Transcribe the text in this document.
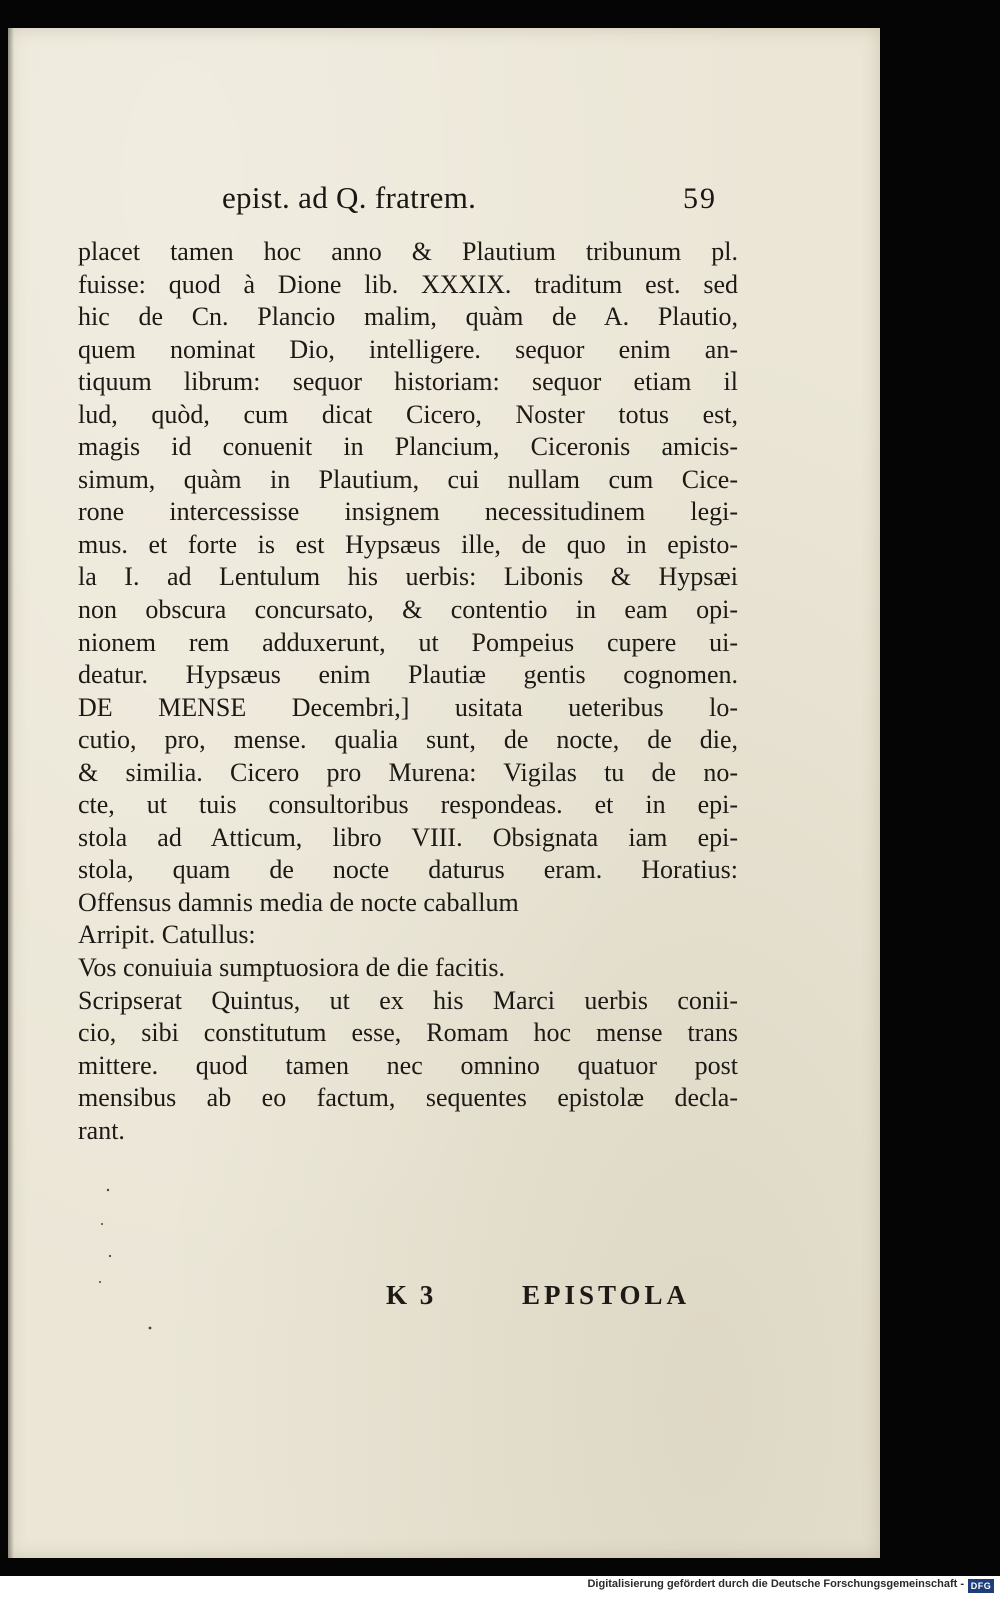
epist. ad Q. fratrem.	59
placet tamen hoc anno & Plautium tribunum pl.
fuisse: quod à Dione lib. XXXIX. traditum est. sed
hic de Cn. Plancio malim, quàm de A. Plautio,
quem nominat Dio, intelligere. sequor enim an-
tiquum librum: sequor historiam: sequor etiam il
lud, quòd, cum dicat Cicero, Noster totus est,
magis id conuenit in Plancium, Ciceronis amicis-
simum, quàm in Plautium, cui nullam cum Cice-
rone intercessisse insignem necessitudinem legi-
mus. et forte is est Hypsæus ille, de quo in episto-
la I. ad Lentulum his uerbis: Libonis & Hypsæi
non obscura concursato, & contentio in eam opi-
nionem rem adduxerunt, ut Pompeius cupere ui-
deatur. Hypsæus enim Plautiæ gentis cognomen.
DE MENSE Decembri,] usitata ueteribus lo-
cutio, pro, mense. qualia sunt, de nocte, de die,
& similia. Cicero pro Murena: Vigilas tu de no-
cte, ut tuis consultoribus respondeas. et in epi-
stola ad Atticum, libro VIII. Obsignata iam epi-
stola, quam de nocte daturus eram. Horatius:
Offensus damnis media de nocte caballum
Arripit. Catullus:
Vos conuiuia sumptuosiora de die facitis.
Scripserat Quintus, ut ex his Marci uerbis conii-
cio, sibi constitutum esse, Romam hoc mense trans
mittere. quod tamen nec omnino quatuor post
mensibus ab eo factum, sequentes epistolæ decla-
rant.
K 3	EPISTOLA
Digitalisierung gefördert durch die Deutsche Forschungsgemeinschaft - DFG
